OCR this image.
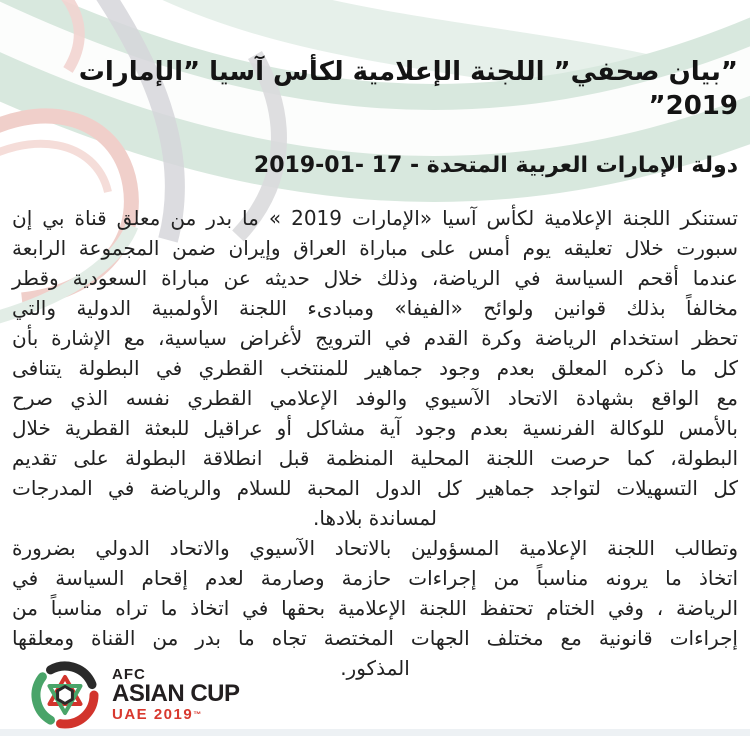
”بيان صحفي” اللجنة الإعلامية لكأس آسيا ”الإمارات 2019”
دولة الإمارات العربية المتحدة - 17 -01-2019
تستنكر اللجنة الإعلامية لكأس آسيا «الإمارات 2019 » ما بدر من معلق قناة بي إن
سبورت خلال تعليقه يوم أمس على مباراة العراق وإيران ضمن المجموعة الرابعة
عندما أقحم السياسة في الرياضة، وذلك خلال حديثه عن مباراة السعودية وقطر
مخالفاً بذلك قوانين ولوائح «الفيفا» ومبادىء اللجنة الأولمبية الدولية والتي
تحظر استخدام الرياضة وكرة القدم في الترويج لأغراض سياسية، مع الإشارة بأن
كل ما ذكره المعلق بعدم وجود جماهير للمنتخب القطري في البطولة يتنافى
مع الواقع بشهادة الاتحاد الآسيوي والوفد الإعلامي القطري نفسه الذي صرح
بالأمس للوكالة الفرنسية بعدم وجود آية مشاكل أو عراقيل للبعثة القطرية خلال
البطولة، كما حرصت اللجنة المحلية المنظمة قبل انطلاقة البطولة على تقديم
كل التسهيلات لتواجد جماهير كل الدول المحبة للسلام والرياضة في المدرجات
لمساندة بلادها.
وتطالب اللجنة الإعلامية المسؤولين بالاتحاد الآسيوي والاتحاد الدولي بضرورة
اتخاذ ما يرونه مناسباً من إجراءات حازمة وصارمة لعدم إقحام السياسة في
الرياضة ، وفي الختام تحتفظ اللجنة الإعلامية بحقها في اتخاذ ما تراه مناسباً من
إجراءات قانونية مع مختلف الجهات المختصة تجاه ما بدر من القناة ومعلقها
المذكور.
AFC
ASIAN CUP
UAE 2019™
